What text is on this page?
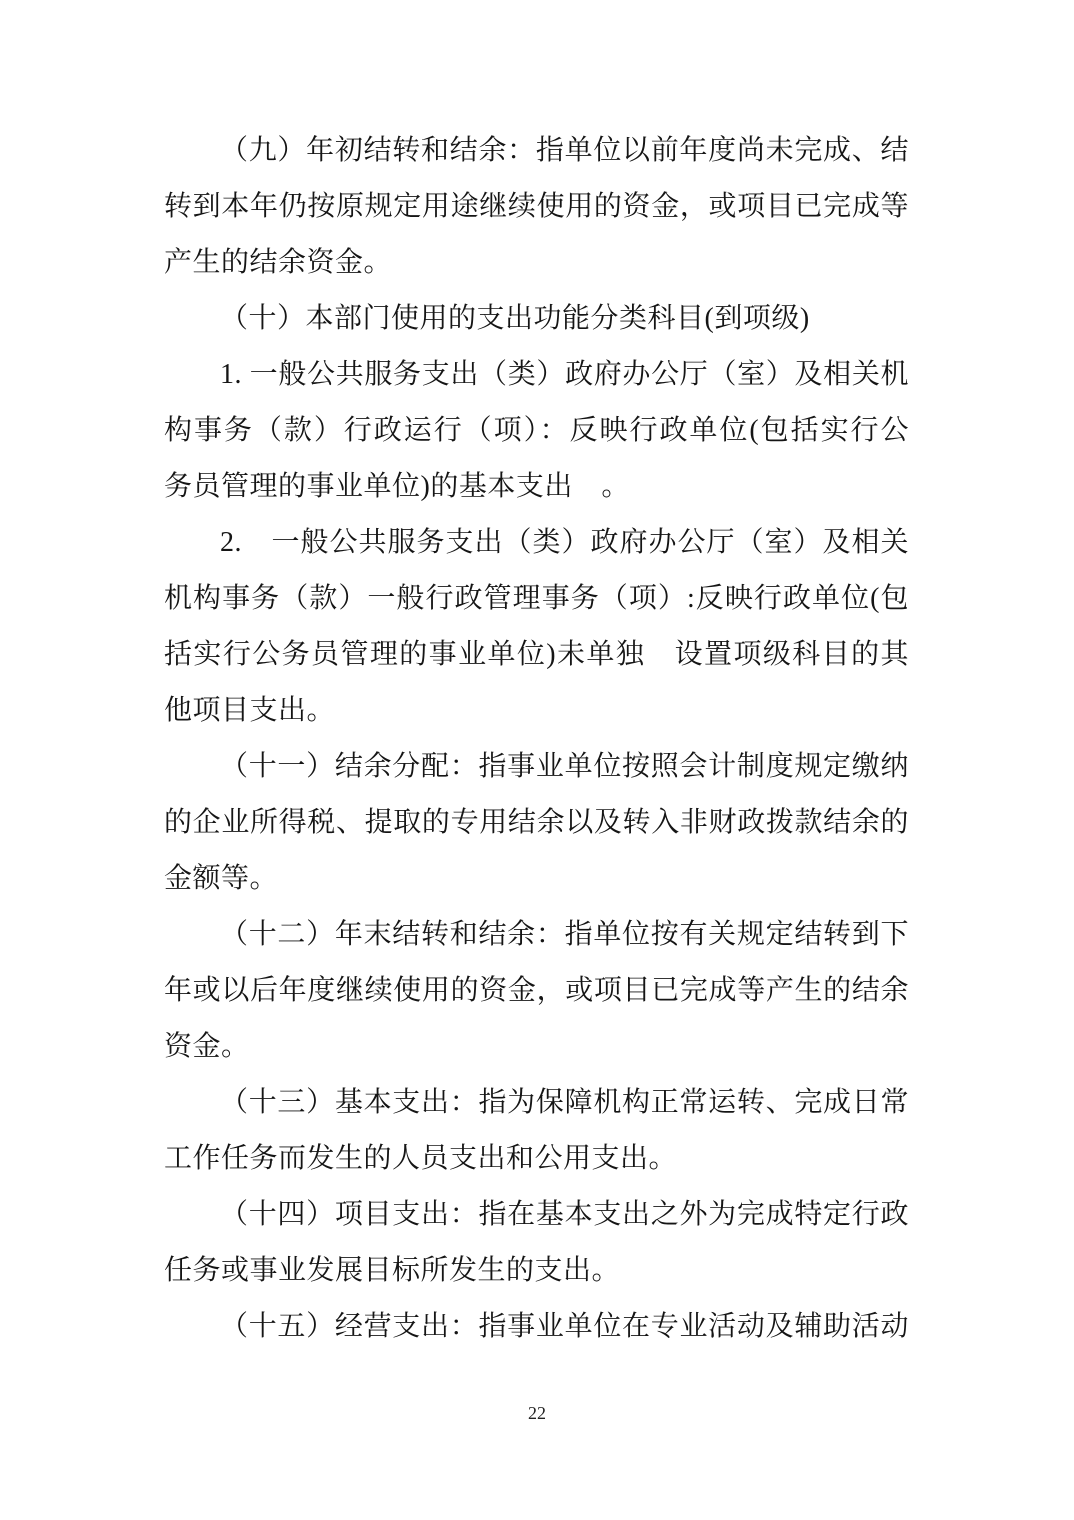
（九）年初结转和结余：指单位以前年度尚未完成、结
转到本年仍按原规定用途继续使用的资金，或项目已完成等
产生的结余资金。
（十）本部门使用的支出功能分类科目(到项级)
1. 一般公共服务支出（类）政府办公厅（室）及相关机
构事务（款）行政运行（项）：反映行政单位(包括实行公
务员管理的事业单位)的基本支出　。
2.　一般公共服务支出（类）政府办公厅（室）及相关
机构事务（款）一般行政管理事务（项）:反映行政单位(包
括实行公务员管理的事业单位)未单独　设置项级科目的其
他项目支出。
（十一）结余分配：指事业单位按照会计制度规定缴纳
的企业所得税、提取的专用结余以及转入非财政拨款结余的
金额等。
（十二）年末结转和结余：指单位按有关规定结转到下
年或以后年度继续使用的资金，或项目已完成等产生的结余
资金。
（十三）基本支出：指为保障机构正常运转、完成日常
工作任务而发生的人员支出和公用支出。
（十四）项目支出：指在基本支出之外为完成特定行政
任务或事业发展目标所发生的支出。
（十五）经营支出：指事业单位在专业活动及辅助活动
22
